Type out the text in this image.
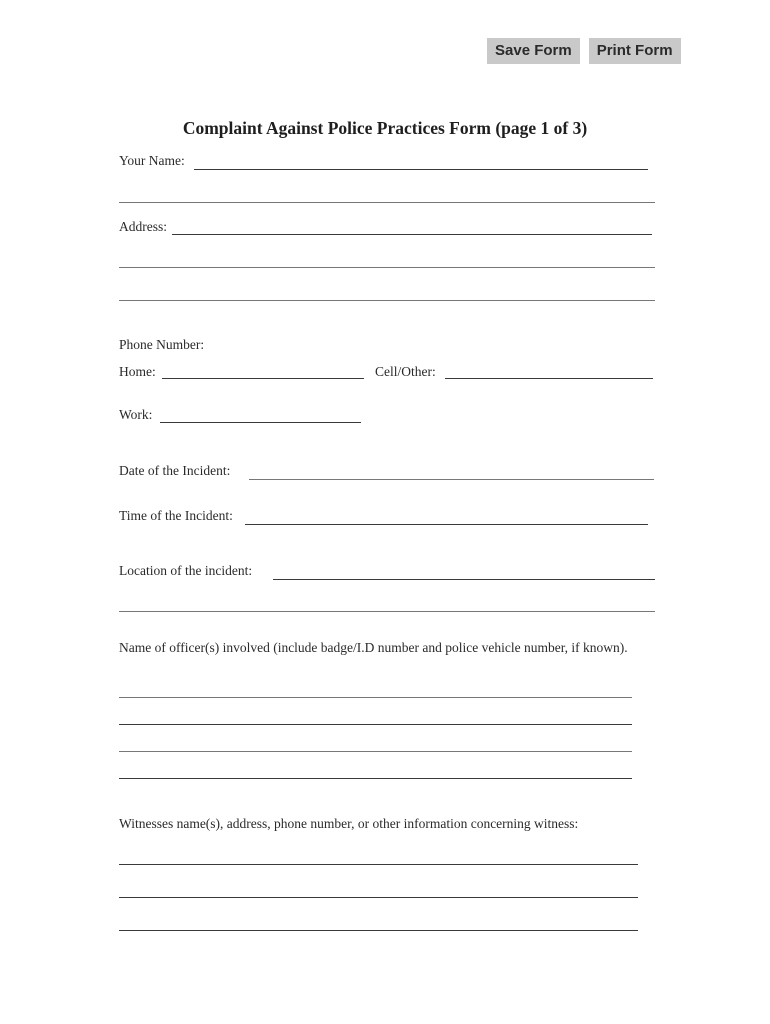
Save Form	Print Form
Complaint Against Police Practices Form (page 1 of 3)
Your Name:
Address:
Phone Number:
Home:	Cell/Other:
Work:
Date of the Incident:
Time of the Incident:
Location of the incident:
Name of officer(s) involved (include badge/I.D number and police vehicle number, if known).
Witnesses name(s), address, phone number, or other information concerning witness:
